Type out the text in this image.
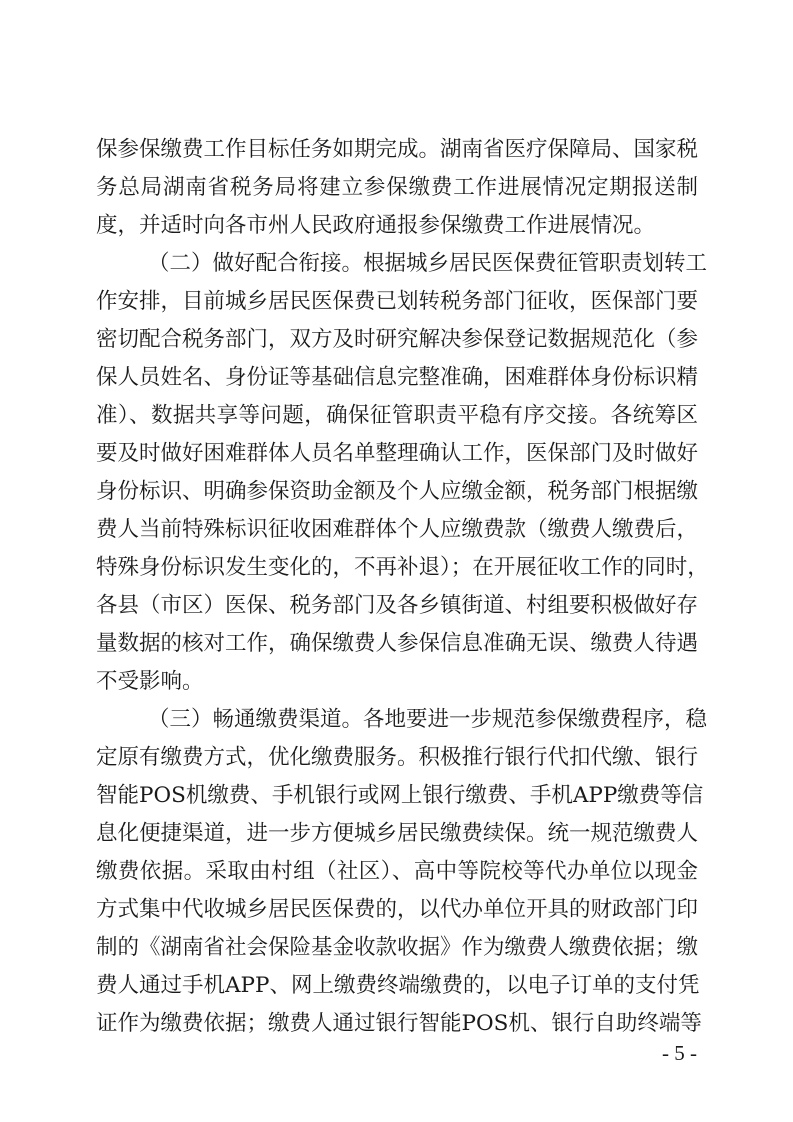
保参保缴费工作目标任务如期完成。湖南省医疗保障局、国家税
务总局湖南省税务局将建立参保缴费工作进展情况定期报送制
度，并适时向各市州人民政府通报参保缴费工作进展情况。
（二）做好配合衔接。根据城乡居民医保费征管职责划转工
作安排，目前城乡居民医保费已划转税务部门征收，医保部门要
密切配合税务部门，双方及时研究解决参保登记数据规范化（参
保人员姓名、身份证等基础信息完整准确，困难群体身份标识精
准）、数据共享等问题，确保征管职责平稳有序交接。各统筹区
要及时做好困难群体人员名单整理确认工作，医保部门及时做好
身份标识、明确参保资助金额及个人应缴金额，税务部门根据缴
费人当前特殊标识征收困难群体个人应缴费款（缴费人缴费后，
特殊身份标识发生变化的，不再补退）；在开展征收工作的同时，
各县（市区）医保、税务部门及各乡镇街道、村组要积极做好存
量数据的核对工作，确保缴费人参保信息准确无误、缴费人待遇
不受影响。
（三）畅通缴费渠道。各地要进一步规范参保缴费程序，稳
定原有缴费方式，优化缴费服务。积极推行银行代扣代缴、银行
智能POS机缴费、手机银行或网上银行缴费、手机APP缴费等信
息化便捷渠道，进一步方便城乡居民缴费续保。统一规范缴费人
缴费依据。采取由村组（社区）、高中等院校等代办单位以现金
方式集中代收城乡居民医保费的，以代办单位开具的财政部门印
制的《湖南省社会保险基金收款收据》作为缴费人缴费依据；缴
费人通过手机APP、网上缴费终端缴费的，以电子订单的支付凭
证作为缴费依据；缴费人通过银行智能POS机、银行自助终端等
- 5 -
